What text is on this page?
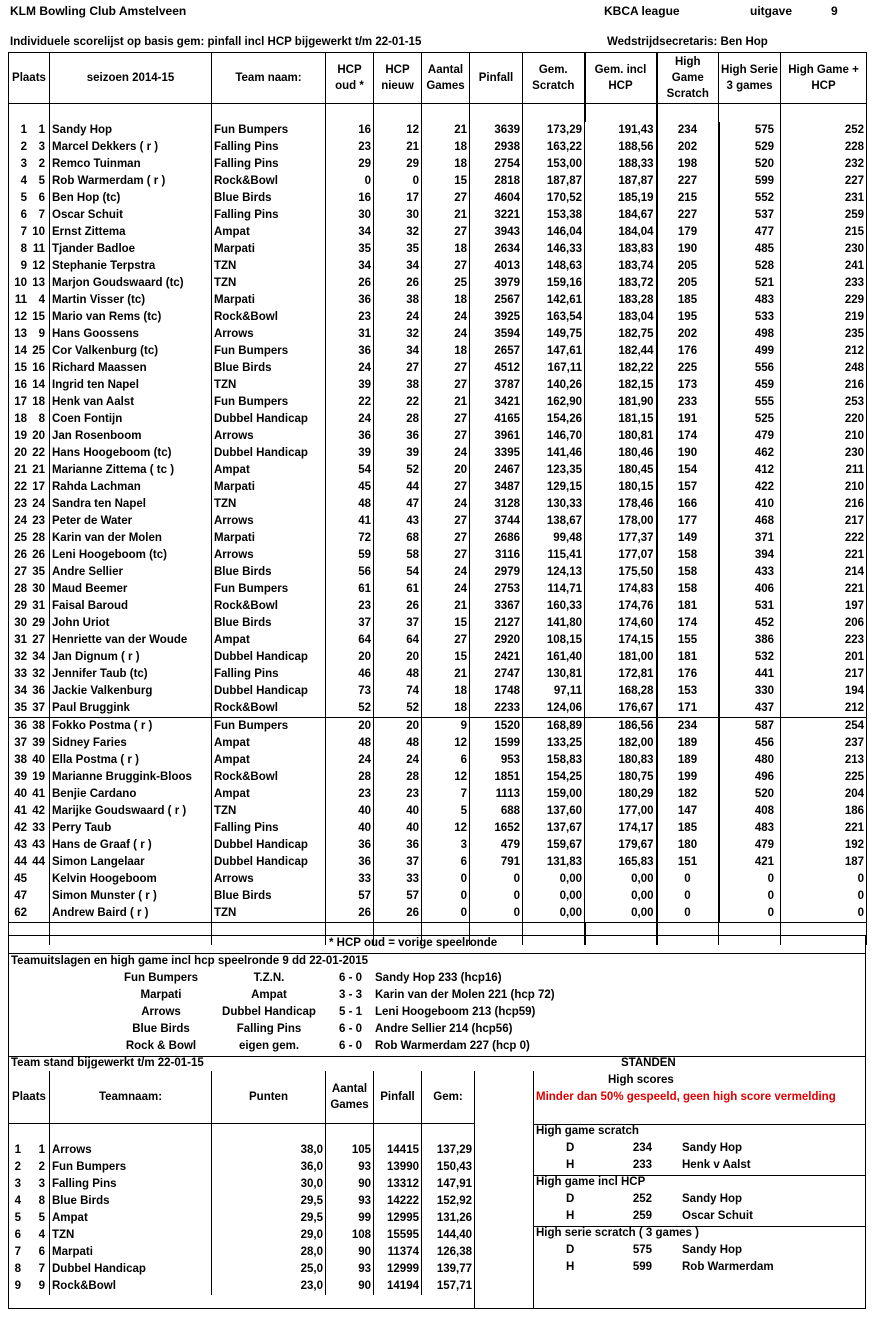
KLM Bowling Club Amstelveen	KBCA league	uitgave	9
Individuele scorelijst op basis gem: pinfall incl HCP bijgewerkt t/m 22-01-15	Wedstrijdsecretaris: Ben Hop
Plaats	seizoen 2014-15	Team naam:	HCP oud *	HCP nieuw	Aantal Games	Pinfall	Gem. Scratch	Gem. incl HCP	High Game Scratch	High Serie 3 games	High Game + HCP

1 1	Sandy Hop	Fun Bumpers	16	12	21	3639	173,29	191,43	234	575	252
2 3	Marcel Dekkers ( r )	Falling Pins	23	21	18	2938	163,22	188,56	202	529	228
3 2	Remco Tuinman	Falling Pins	29	29	18	2754	153,00	188,33	198	520	232
4 5	Rob Warmerdam ( r )	Rock&Bowl	0	0	15	2818	187,87	187,87	227	599	227
5 6	Ben Hop (tc)	Blue Birds	16	17	27	4604	170,52	185,19	215	552	231
6 7	Oscar Schuit	Falling Pins	30	30	21	3221	153,38	184,67	227	537	259
7 10	Ernst Zittema	Ampat	34	32	27	3943	146,04	184,04	179	477	215
8 11	Tjander Badloe	Marpati	35	35	18	2634	146,33	183,83	190	485	230
9 12	Stephanie Terpstra	TZN	34	34	27	4013	148,63	183,74	205	528	241
10 13	Marjon Goudswaard (tc)	TZN	26	26	25	3979	159,16	183,72	205	521	233
11 4	Martin Visser (tc)	Marpati	36	38	18	2567	142,61	183,28	185	483	229
12 15	Mario van Rems (tc)	Rock&Bowl	23	24	24	3925	163,54	183,04	195	533	219
13 9	Hans Goossens	Arrows	31	32	24	3594	149,75	182,75	202	498	235
14 25	Cor Valkenburg (tc)	Fun Bumpers	36	34	18	2657	147,61	182,44	176	499	212
15 16	Richard Maassen	Blue Birds	24	27	27	4512	167,11	182,22	225	556	248
16 14	Ingrid ten Napel	TZN	39	38	27	3787	140,26	182,15	173	459	216
17 18	Henk van Aalst	Fun Bumpers	22	22	21	3421	162,90	181,90	233	555	253
18 8	Coen Fontijn	Dubbel Handicap	24	28	27	4165	154,26	181,15	191	525	220
19 20	Jan Rosenboom	Arrows	36	36	27	3961	146,70	180,81	174	479	210
20 22	Hans Hoogeboom (tc)	Dubbel Handicap	39	39	24	3395	141,46	180,46	190	462	230
21 21	Marianne Zittema ( tc )	Ampat	54	52	20	2467	123,35	180,45	154	412	211
22 17	Rahda Lachman	Marpati	45	44	27	3487	129,15	180,15	157	422	210
23 24	Sandra ten Napel	TZN	48	47	24	3128	130,33	178,46	166	410	216
24 23	Peter de Water	Arrows	41	43	27	3744	138,67	178,00	177	468	217
25 28	Karin van der Molen	Marpati	72	68	27	2686	99,48	177,37	149	371	222
26 26	Leni Hoogeboom (tc)	Arrows	59	58	27	3116	115,41	177,07	158	394	221
27 35	Andre Sellier	Blue Birds	56	54	24	2979	124,13	175,50	158	433	214
28 30	Maud Beemer	Fun Bumpers	61	61	24	2753	114,71	174,83	158	406	221
29 31	Faisal Baroud	Rock&Bowl	23	26	21	3367	160,33	174,76	181	531	197
30 29	John Uriot	Blue Birds	37	37	15	2127	141,80	174,60	174	452	206
31 27	Henriette van der Woude	Ampat	64	64	27	2920	108,15	174,15	155	386	223
32 34	Jan Dignum ( r )	Dubbel Handicap	20	20	15	2421	161,40	181,00	181	532	201
33 32	Jennifer Taub (tc)	Falling Pins	46	48	21	2747	130,81	172,81	176	441	217
34 36	Jackie Valkenburg	Dubbel Handicap	73	74	18	1748	97,11	168,28	153	330	194
35 37	Paul Bruggink	Rock&Bowl	52	52	18	2233	124,06	176,67	171	437	212
36 38	Fokko Postma ( r )	Fun Bumpers	20	20	9	1520	168,89	186,56	234	587	254
37 39	Sidney Faries	Ampat	48	48	12	1599	133,25	182,00	189	456	237
38 40	Ella Postma ( r )	Ampat	24	24	6	953	158,83	180,83	189	480	213
39 19	Marianne Bruggink-Bloos	Rock&Bowl	28	28	12	1851	154,25	180,75	199	496	225
40 41	Benjie Cardano	Ampat	23	23	7	1113	159,00	180,29	182	520	204
41 42	Marijke Goudswaard ( r )	TZN	40	40	5	688	137,60	177,00	147	408	186
42 33	Perry Taub	Falling Pins	40	40	12	1652	137,67	174,17	185	483	221
43 43	Hans de Graaf ( r )	Dubbel Handicap	36	36	3	479	159,67	179,67	180	479	192
44 44	Simon Langelaar	Dubbel Handicap	36	37	6	791	131,83	165,83	151	421	187
45	Kelvin Hoogeboom	Arrows	33	33	0	0	0,00	0,00	0	0	0
47	Simon Munster ( r )	Blue Birds	57	57	0	0	0,00	0,00	0	0	0
62	Andrew Baird ( r )	TZN	26	26	0	0	0,00	0,00	0	0	0

* HCP oud = vorige speelronde
Teamuitslagen en high game incl hcp speelronde 9 dd 22-01-2015
Fun Bumpers	T.Z.N.	6 - 0 Sandy Hop 233 (hcp16)
Marpati	Ampat	3 - 3 Karin van der Molen 221 (hcp 72)
Arrows	Dubbel Handicap	5 - 1 Leni Hoogeboom 213 (hcp59)
Blue Birds	Falling Pins	6 - 0 Andre Sellier 214 (hcp56)
Rock & Bowl	eigen gem.	6 - 0 Rob Warmerdam 227 (hcp 0)
Team stand bijgewerkt t/m 22-01-15	STANDEN
Plaats	Teamnaam:	Punten	Aantal Games	Pinfall	Gem:

1 1	Arrows	38,0	105	14415	137,29
2 2	Fun Bumpers	36,0	93	13990	150,43
3 3	Falling Pins	30,0	90	13312	147,91
4 8	Blue Birds	29,5	93	14222	152,92
5 5	Ampat	29,5	99	12995	131,26
6 4	TZN	29,0	108	15595	144,40
7 6	Marpati	28,0	90	11374	126,38
8 7	Dubbel Handicap	25,0	93	12999	139,77
9 9	Rock&Bowl	23,0	90	14194	157,71
High scores
Minder dan 50% gespeeld, geen high score vermelding
High game scratch
D	234	Sandy Hop
H	233	Henk v Aalst
High game incl HCP
D	252	Sandy Hop
H	259	Oscar Schuit
High serie scratch ( 3 games )
D	575	Sandy Hop
H	599	Rob Warmerdam
